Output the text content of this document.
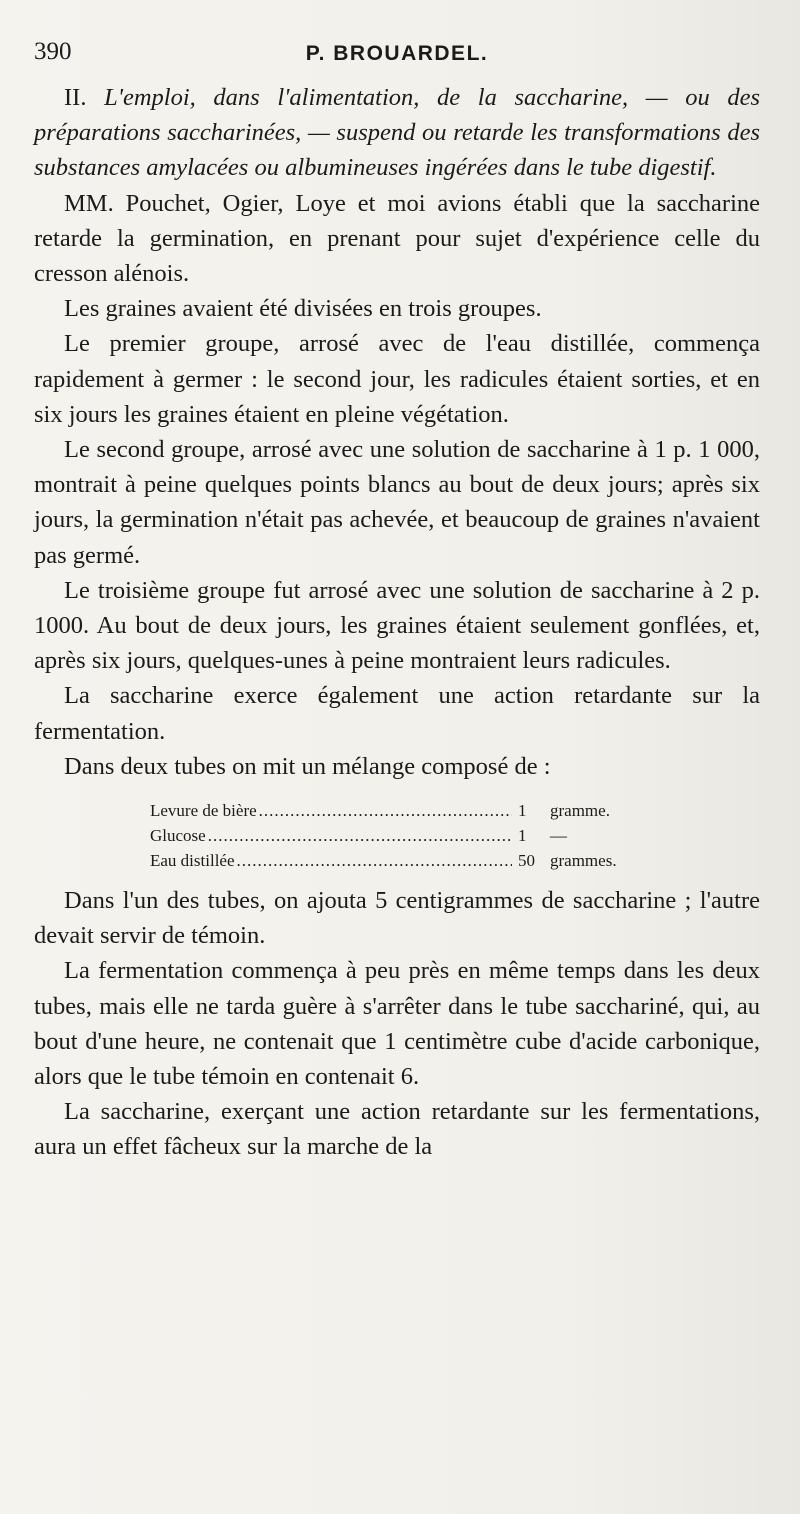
390	P. BROUARDEL.

II. L'emploi, dans l'alimentation, de la saccharine, — ou des préparations saccharinées, — suspend ou retarde les transformations des substances amylacées ou albumineuses ingérées dans le tube digestif.

MM. Pouchet, Ogier, Loye et moi avions établi que la saccharine retarde la germination, en prenant pour sujet d'expérience celle du cresson alénois.

Les graines avaient été divisées en trois groupes.

Le premier groupe, arrosé avec de l'eau distillée, commença rapidement à germer : le second jour, les radicules étaient sorties, et en six jours les graines étaient en pleine végétation.

Le second groupe, arrosé avec une solution de saccharine à 1 p. 1 000, montrait à peine quelques points blancs au bout de deux jours; après six jours, la germination n'était pas achevée, et beaucoup de graines n'avaient pas germé.

Le troisième groupe fut arrosé avec une solution de saccharine à 2 p. 1000. Au bout de deux jours, les graines étaient seulement gonflées, et, après six jours, quelques-unes à peine montraient leurs radicules.

La saccharine exerce également une action retardante sur la fermentation.

Dans deux tubes on mit un mélange composé de :

Levure de bière .....	1	gramme.
Glucose .....	1	—
Eau distillée .....	50 grammes.

Dans l'un des tubes, on ajouta 5 centigrammes de saccharine ; l'autre devait servir de témoin.

La fermentation commença à peu près en même temps dans les deux tubes, mais elle ne tarda guère à s'arrêter dans le tube sacchariné, qui, au bout d'une heure, ne contenait que 1 centimètre cube d'acide carbonique, alors que le tube témoin en contenait 6.

La saccharine, exerçant une action retardante sur les fermentations, aura un effet fâcheux sur la marche de la
